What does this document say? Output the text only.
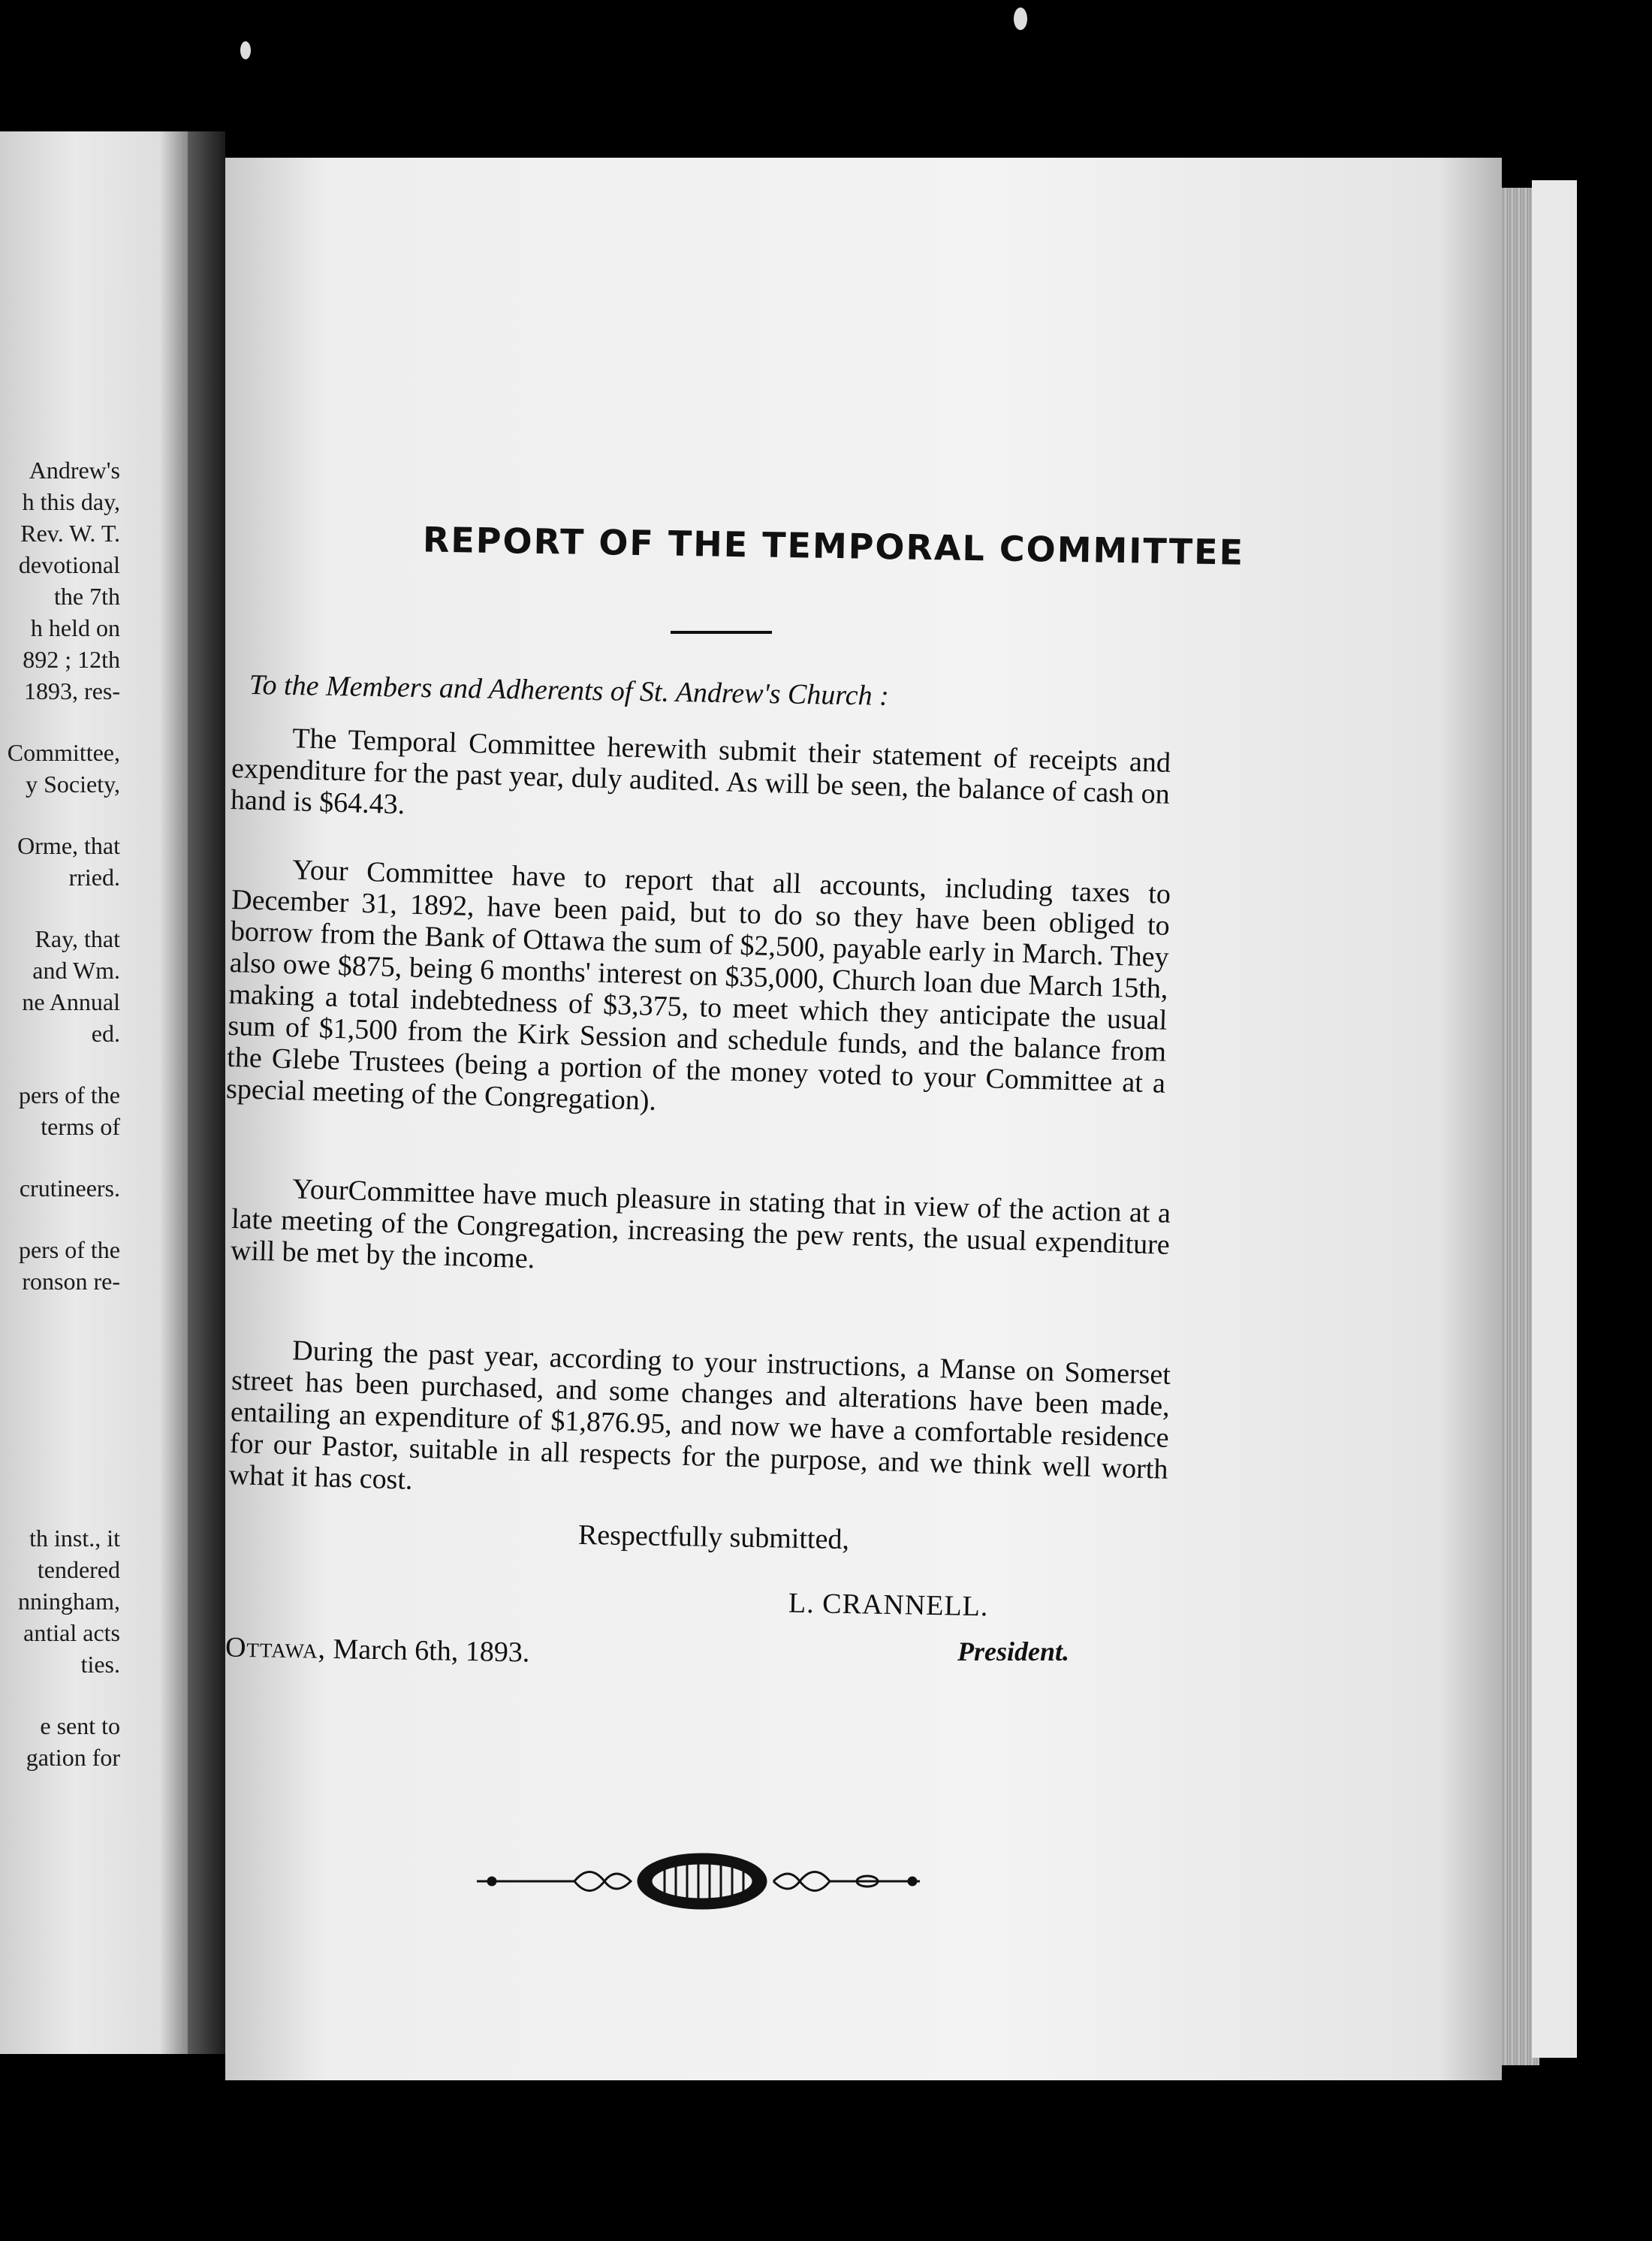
Andrew's
h this day,
Rev. W. T.
devotional
the 7th
h held on
892 ; 12th
1893, res-
Committee,
y Society,
Orme, that
rried.
Ray, that
and Wm.
ne Annual
ed.
pers of the
terms of
crutineers.
pers of the
ronson re-
th inst., it
tendered
nningham,
antial acts
ties.
e sent to
gation for
REPORT OF THE TEMPORAL COMMITTEE
To the Members and Adherents of St. Andrew's Church :
The Temporal Committee herewith submit their statement of receipts and expenditure for the past year, duly audited. As will be seen, the balance of cash on hand is $64.43.
Your Committee have to report that all accounts, including taxes to December 31, 1892, have been paid, but to do so they have been obliged to borrow from the Bank of Ottawa the sum of $2,500, payable early in March. They also owe $875, being 6 months' interest on $35,000, Church loan due March 15th, making a total indebtedness of $3,375, to meet which they anticipate the usual sum of $1,500 from the Kirk Session and schedule funds, and the balance from the Glebe Trustees (being a portion of the money voted to your Committee at a special meeting of the Congregation).
YourCommittee have much pleasure in stating that in view of the action at a late meeting of the Congregation, increasing the pew rents, the usual expenditure will be met by the income.
During the past year, according to your instructions, a Manse on Somerset street has been purchased, and some changes and alterations have been made, entailing an expenditure of $1,876.95, and now we have a comfortable residence for our Pastor, suitable in all respects for the purpose, and we think well worth what it has cost.
Respectfully submitted,
L. CRANNELL.
Ottawa, March 6th, 1893.	President.
